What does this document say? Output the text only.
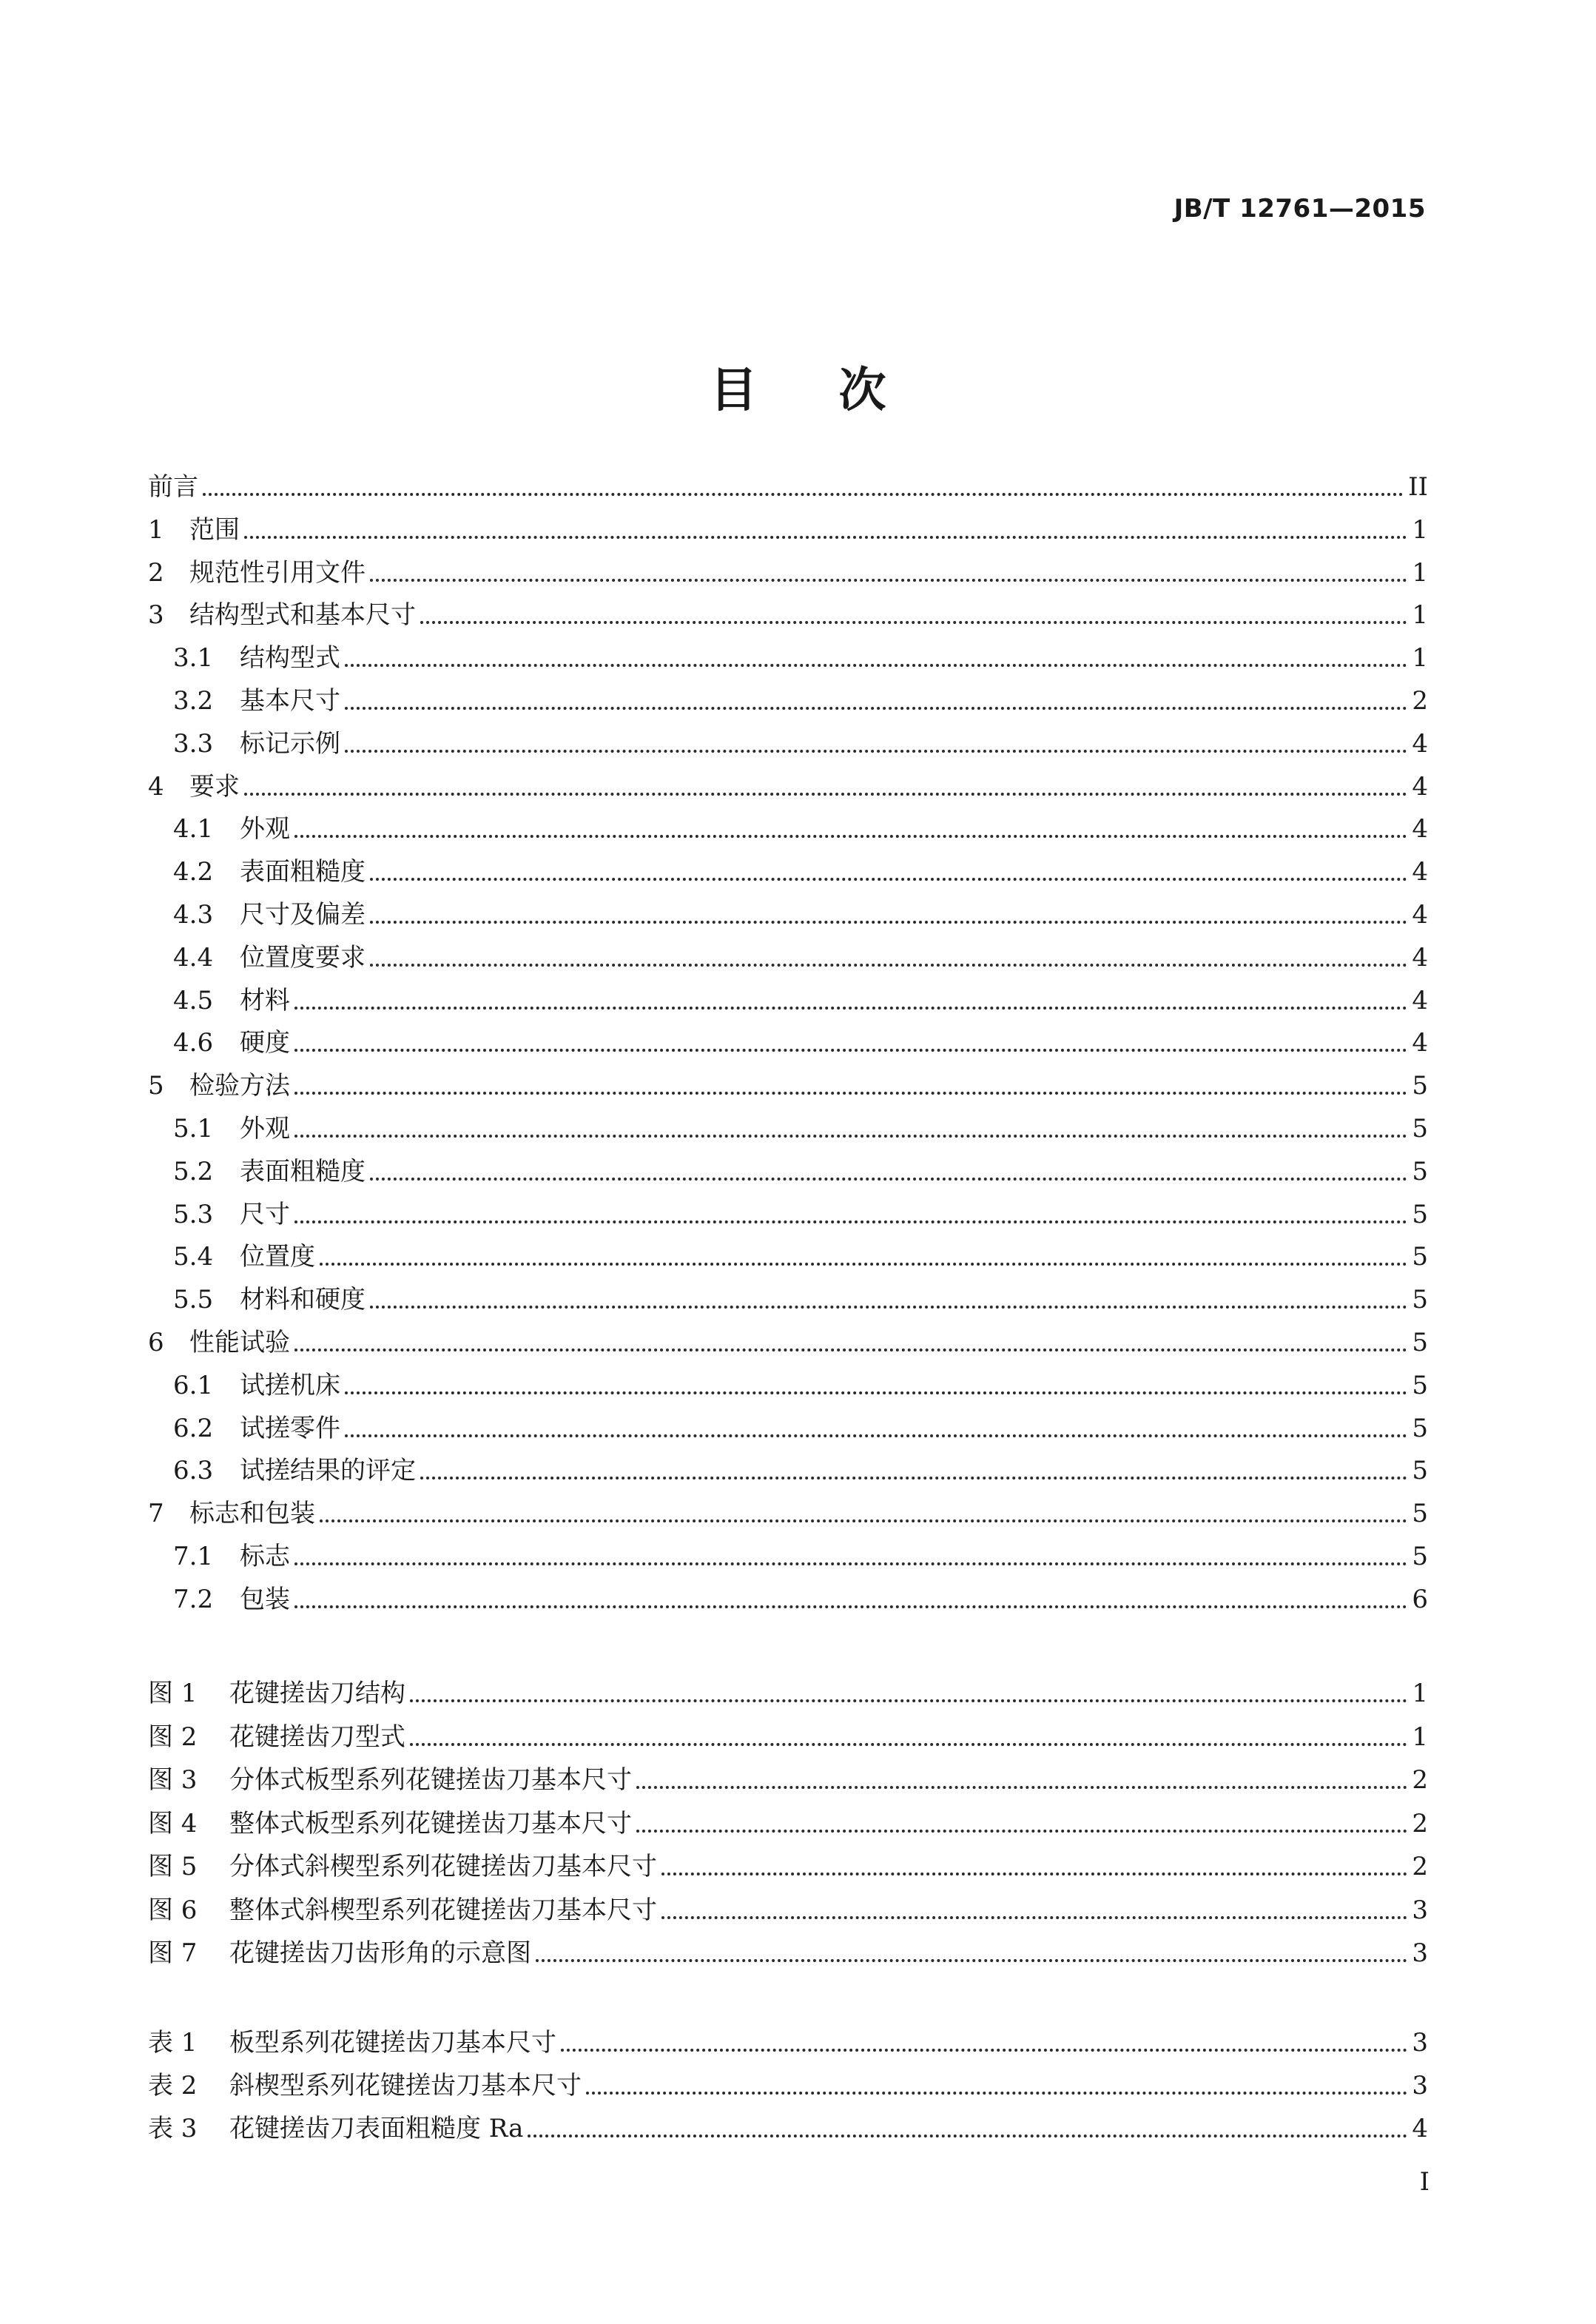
JB/T 12761—2015
目 次
前言	II
1	范围	1
2	规范性引用文件	1
3	结构型式和基本尺寸	1
3.1	结构型式	1
3.2	基本尺寸	2
3.3	标记示例	4
4	要求	4
4.1	外观	4
4.2	表面粗糙度	4
4.3	尺寸及偏差	4
4.4	位置度要求	4
4.5	材料	4
4.6	硬度	4
5	检验方法	5
5.1	外观	5
5.2	表面粗糙度	5
5.3	尺寸	5
5.4	位置度	5
5.5	材料和硬度	5
6	性能试验	5
6.1	试搓机床	5
6.2	试搓零件	5
6.3	试搓结果的评定	5
7	标志和包装	5
7.1	标志	5
7.2	包装	6
图 1	花键搓齿刀结构	1
图 2	花键搓齿刀型式	1
图 3	分体式板型系列花键搓齿刀基本尺寸	2
图 4	整体式板型系列花键搓齿刀基本尺寸	2
图 5	分体式斜楔型系列花键搓齿刀基本尺寸	2
图 6	整体式斜楔型系列花键搓齿刀基本尺寸	3
图 7	花键搓齿刀齿形角的示意图	3
表 1	板型系列花键搓齿刀基本尺寸	3
表 2	斜楔型系列花键搓齿刀基本尺寸	3
表 3	花键搓齿刀表面粗糙度 Ra	4
I
